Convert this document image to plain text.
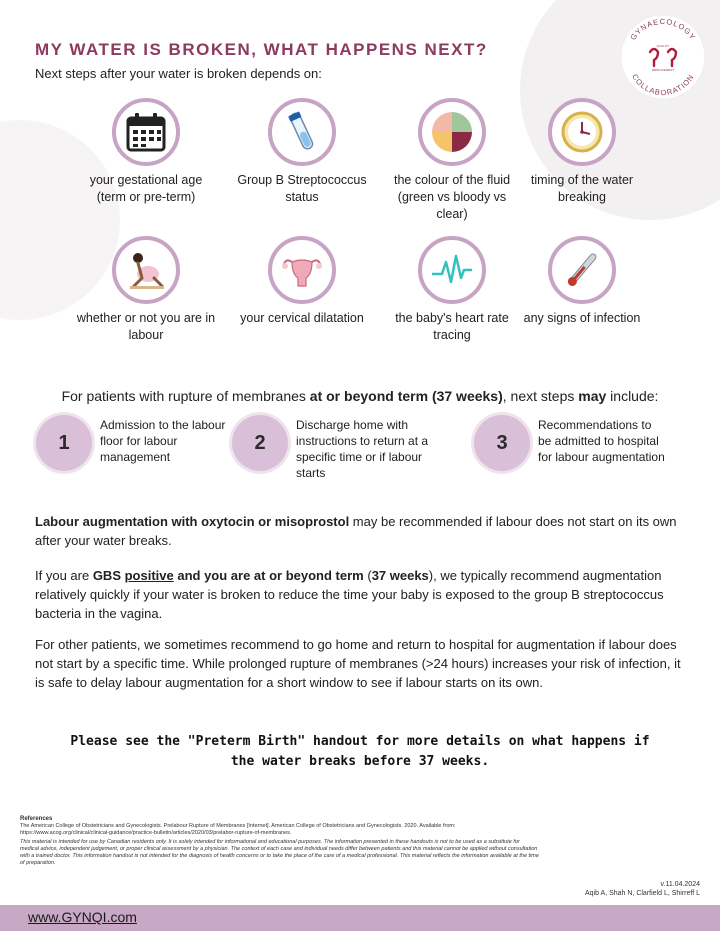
MY WATER IS BROKEN, WHAT HAPPENS NEXT?
Next steps after your water is broken depends on:
GYNAECOLOGY
COLLABORATION
QUALITY
IMPROVEMENT
your gestational age (term or pre-term)
Group B Streptococcus status
the colour of the fluid (green vs bloody vs clear)
timing of the water breaking
whether or not you are in labour
your cervical dilatation	the baby's heart rate tracing
any signs of infection
For patients with rupture of membranes at or beyond term (37 weeks), next steps may include:
1
Admission to the labour floor for labour management
2
Discharge home with instructions to return at a specific time or if labour starts
3
Recommendations to be admitted to hospital for labour augmentation
Labour augmentation with oxytocin or misoprostol may be recommended if labour does not start on its own after your water breaks.
If you are GBS positive and you are at or beyond term (37 weeks), we typically recommend augmentation relatively quickly if your water is broken to reduce the time your baby is exposed to the group B streptococcus bacteria in the vagina.
For other patients, we sometimes recommend to go home and return to hospital for augmentation if labour does not start by a specific time. While prolonged rupture of membranes (>24 hours) increases your risk of infection, it is safe to delay labour augmentation for a short window to see if labour starts on its own.
Please see the "Preterm Birth" handout for more details on what happens if
the water breaks before 37 weeks.
References
The American College of Obstetricians and Gynecologists. Prelabour Rupture of Membranes [Internet]. American College of Obstetricians and Gynecologists. 2020. Available from: https://www.acog.org/clinical/clinical-guidance/practice-bulletin/articles/2020/03/prelabor-rupture-of-membranes.
This material is intended for use by Canadian residents only. It is solely intended for informational and educational purposes. The information presented in these handouts is not to be used as a substitute for medical advice, independent judgement, or proper clinical assessment by a physician. The context of each case and individual needs differ between patients and this material cannot be applied without consultation with a trained doctor. This information handout is not intended for the diagnosis of health concerns or to take the place of the care of a medical professional. This material reflects the information available at the time of preparation.
v.11.04.2024
Aqib A, Shah N, Clarfield L, Shirreff L
www.GYNQI.com
